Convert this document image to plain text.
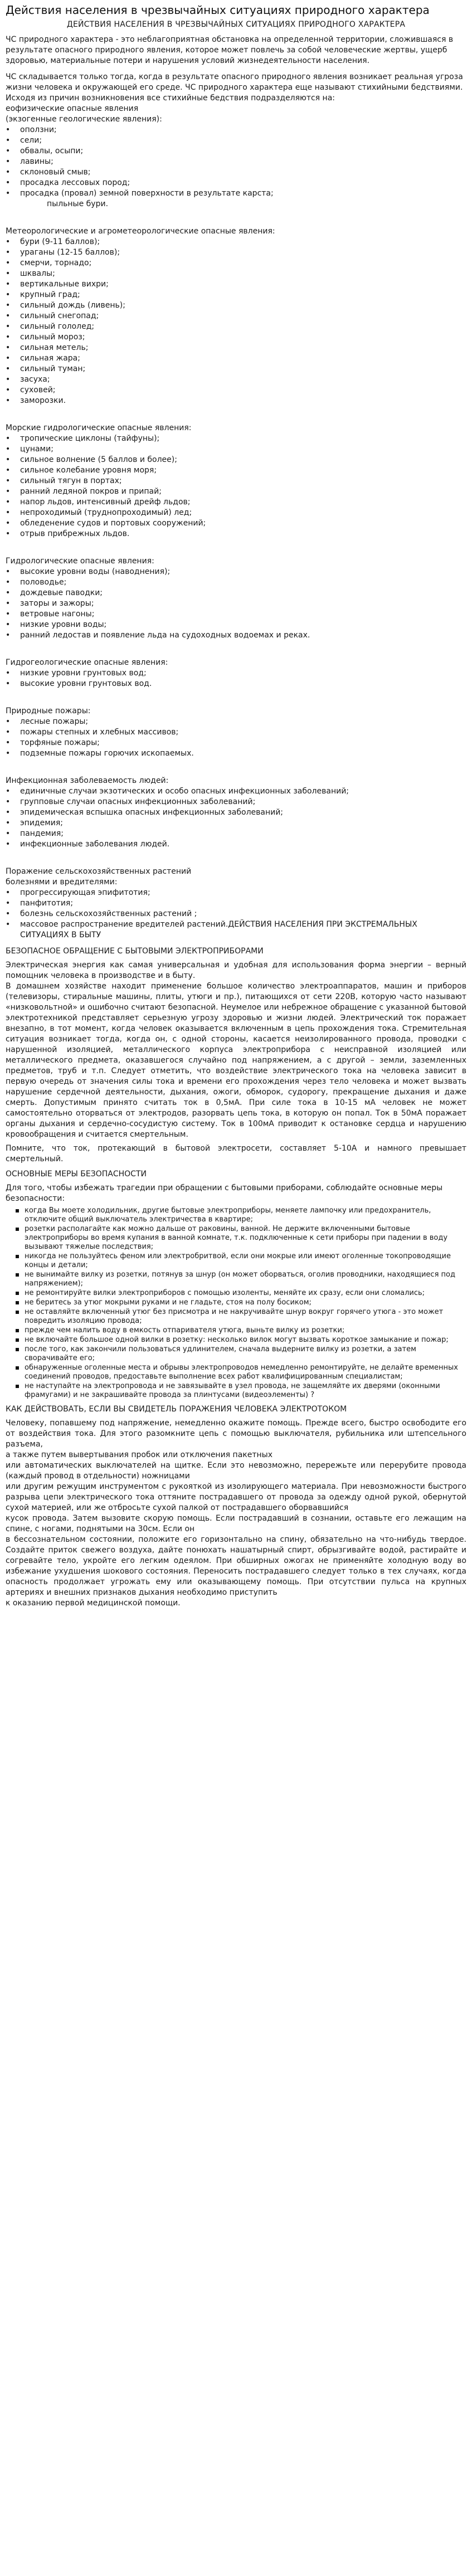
Действия населения в чрезвычайных ситуациях природного характера
ДЕЙСТВИЯ НАСЕЛЕНИЯ В ЧРЕЗВЫЧАЙНЫХ СИТУАЦИЯХ ПРИРОДНОГО ХАРАКТЕРА

ЧС природного характера - это неблагоприятная обстановка на определенной территории, сложившаяся в результате опасного природного явления, которое может повлечь за собой человеческие жертвы, ущерб здоровью, материальные потери и нарушения условий жизнедеятельности населения.

ЧС складывается только тогда, когда в результате опасного природного явления возникает реальная угроза жизни человека и окружающей его среде. ЧС природного характера еще называют стихийными бедствиями. Исходя из причин возникновения все стихийные бедствия подразделяются на:

еофизические опасные явления
(экзогенные геологические явления):
• оползни;
• сели;
• обвалы, осыпи;
• лавины;
• склоновый смыв;
• просадка лессовых пород;
• просадка (провал) земной поверхности в результате карста;
пыльные бури.
Метеорологические и агрометеорологические опасные явления:
• бури (9-11 баллов);
• ураганы (12-15 баллов);
• смерчи, торнадо;
• шквалы;
• вертикальные вихри;
• крупный град;
• сильный дождь (ливень);
• сильный снегопад;
• сильный гололед;
• сильный мороз;
• сильная метель;
• сильная жара;
• сильный туман;
• засуха;
• суховей;
• заморозки.
Морские гидрологические опасные явления:
• тропические циклоны (тайфуны);
• цунами;
• сильное волнение (5 баллов и более);
• сильное колебание уровня моря;
• сильный тягун в портах;
• ранний ледяной покров и припай;
• напор льдов, интенсивный дрейф льдов;
• непроходимый (труднопроходимый) лед;
• обледенение судов и портовых сооружений;
• отрыв прибрежных льдов.
Гидрологические опасные явления:
• высокие уровни воды (наводнения);
• половодье;
• дождевые паводки;
• заторы и зажоры;
• ветровые нагоны;
• низкие уровни воды;
• ранний ледостав и появление льда на судоходных водоемах и реках.
Гидрогеологические опасные явления:
• низкие уровни грунтовых вод;
• высокие уровни грунтовых вод.
Природные пожары:
• лесные пожары;
• пожары степных и хлебных массивов;
• торфяные пожары;
• подземные пожары горючих ископаемых.
Инфекционная заболеваемость людей:
• единичные случаи экзотических и особо опасных инфекционных заболеваний;
• групповые случаи опасных инфекционных заболеваний;
• эпидемическая вспышка опасных инфекционных заболеваний;
• эпидемия;
• пандемия;
• инфекционные заболевания людей.
Поражение сельскохозяйственных растений
болезнями и вредителями:
• прогрессирующая эпифитотия;
• панфитотия;
• болезнь сельскохозяйственных растений ;
• массовое распространение вредителей растений.ДЕЙСТВИЯ НАСЕЛЕНИЯ ПРИ ЭКСТРЕМАЛЬНЫХ СИТУАЦИЯХ В БЫТУ
БЕЗОПАСНОЕ ОБРАЩЕНИЕ С БЫТОВЫМИ ЭЛЕКТРОПРИБОРАМИ

Электрическая энергия как самая универсальная и удобная для использования форма энергии – верный помощник человека в производстве и в быту.

В домашнем хозяйстве находит применение большое количество электроаппаратов, машин и приборов (телевизоры, стиральные машины, плиты, утюги и пр.), питающихся от сети 220В, которую часто называют «низковольтной» и ошибочно считают безопасной. Неумелое или небрежное обращение с указанной бытовой электротехникой представляет серьезную угрозу здоровью и жизни людей. Электрический ток поражает внезапно, в тот момент, когда человек оказывается включенным в цепь прохождения тока. Стремительная ситуация возникает тогда, когда он, с одной стороны, касается неизолированного провода, проводки с нарушенной изоляцией, металлического корпуса электроприбора с неисправной изоляцией или металлического предмета, оказавшегося случайно под напряжением, а с другой – земли, заземленных предметов, труб и т.п. Следует отметить, что воздействие электрического тока на человека зависит в первую очередь от значения силы тока и времени его прохождения через тело человека и может вызвать нарушение сердечной деятельности, дыхания, ожоги, обморок, судорогу, прекращение дыхания и даже смерть. Допустимым принято считать ток в 0,5мА. При силе тока в 10-15 мА человек не может самостоятельно оторваться от электродов, разорвать цепь тока, в которую он попал. Ток в 50мА поражает органы дыхания и сердечно-сосудистую систему. Ток в 100мА приводит к остановке сердца и нарушению кровообращения и считается смертельным.

Помните, что ток, протекающий в бытовой электросети, составляет 5-10А и намного превышает смертельный.

ОСНОВНЫЕ МЕРЫ БЕЗОПАСНОСТИ

Для того, чтобы избежать трагедии при обращении с бытовыми приборами, соблюдайте основные меры безопасности:

когда Вы моете холодильник, другие бытовые электроприборы, меняете лампочку или предохранитель, отключите общий выключатель электричества в квартире;
розетки располагайте как можно дальше от раковины, ванной. Не держите включенными бытовые электроприборы во время купания в ванной комнате, т.к. подключенные к сети приборы при падении в воду вызывают тяжелые последствия;
никогда не пользуйтесь феном или электробритвой, если они мокрые или имеют оголенные токопроводящие концы и детали;
не вынимайте вилку из розетки, потянув за шнур (он может оборваться, оголив проводники, находящиеся под напряжением);
не ремонтируйте вилки электроприборов с помощью изоленты, меняйте их сразу, если они сломались;
не беритесь за утюг мокрыми руками и не гладьте, стоя на полу босиком;
не оставляйте включенный утюг без присмотра и не накручивайте шнур вокруг горячего утюга - это может повредить изоляцию провода;
прежде чем налить воду в емкость отпаривателя утюга, выньте вилку из розетки;
не включайте большое одной вилки в розетку: несколько вилок могут вызвать короткое замыкание и пожар;
после того, как закончили пользоваться удлинителем, сначала выдерните вилку из розетки, а затем сворачивайте его;
обнаруженные оголенные места и обрывы электропроводов немедленно ремонтируйте, не делайте временных соединений проводов, предоставьте выполнение всех работ квалифицированным специалистам;
не наступайте на электропровода и не завязывайте в узел провода, не защемляйте их дверями (оконными фрамугами) и не закрашивайте провода за плинтусами (видеоэлементы) ?
КАК ДЕЙСТВОВАТЬ, ЕСЛИ ВЫ СВИДЕТЕЛЬ ПОРАЖЕНИЯ ЧЕЛОВЕКА ЭЛЕКТРОТОКОМ

Человеку, попавшему под напряжение, немедленно окажите помощь. Прежде всего, быстро освободите его от воздействия тока. Для этого разомкните цепь с помощью выключателя, рубильника или штепсельного разъема,

а также путем вывертывания пробок или отключения пакетных

или автоматических выключателей на щитке. Если это невозможно, перережьте или перерубите провода (каждый провод в отдельности) ножницами

или другим режущим инструментом с рукояткой из изолирующего материала. При невозможности быстрого разрыва цепи электрического тока оттяните пострадавшего от провода за одежду одной рукой, обернутой сухой материей, или же отбросьте сухой палкой от пострадавшего оборвавшийся

кусок провода. Затем вызовите скорую помощь. Если пострадавший в сознании, оставьте его лежащим на спине, с ногами, поднятыми на 30см. Если он

в бессознательном состоянии, положите его горизонтально на спину, обязательно на что-нибудь твердое. Создайте приток свежего воздуха, дайте понюхать нашатырный спирт, обрызгивайте водой, растирайте и согревайте тело, укройте его легким одеялом. При обширных ожогах не применяйте холодную воду во избежание ухудшения шокового состояния. Переносить пострадавшего следует только в тех случаях, когда опасность продолжает угрожать ему или оказывающему помощь. При отсутствии пульса на крупных артериях и внешних признаков дыхания необходимо приступить

к оказанию первой медицинской помощи.
